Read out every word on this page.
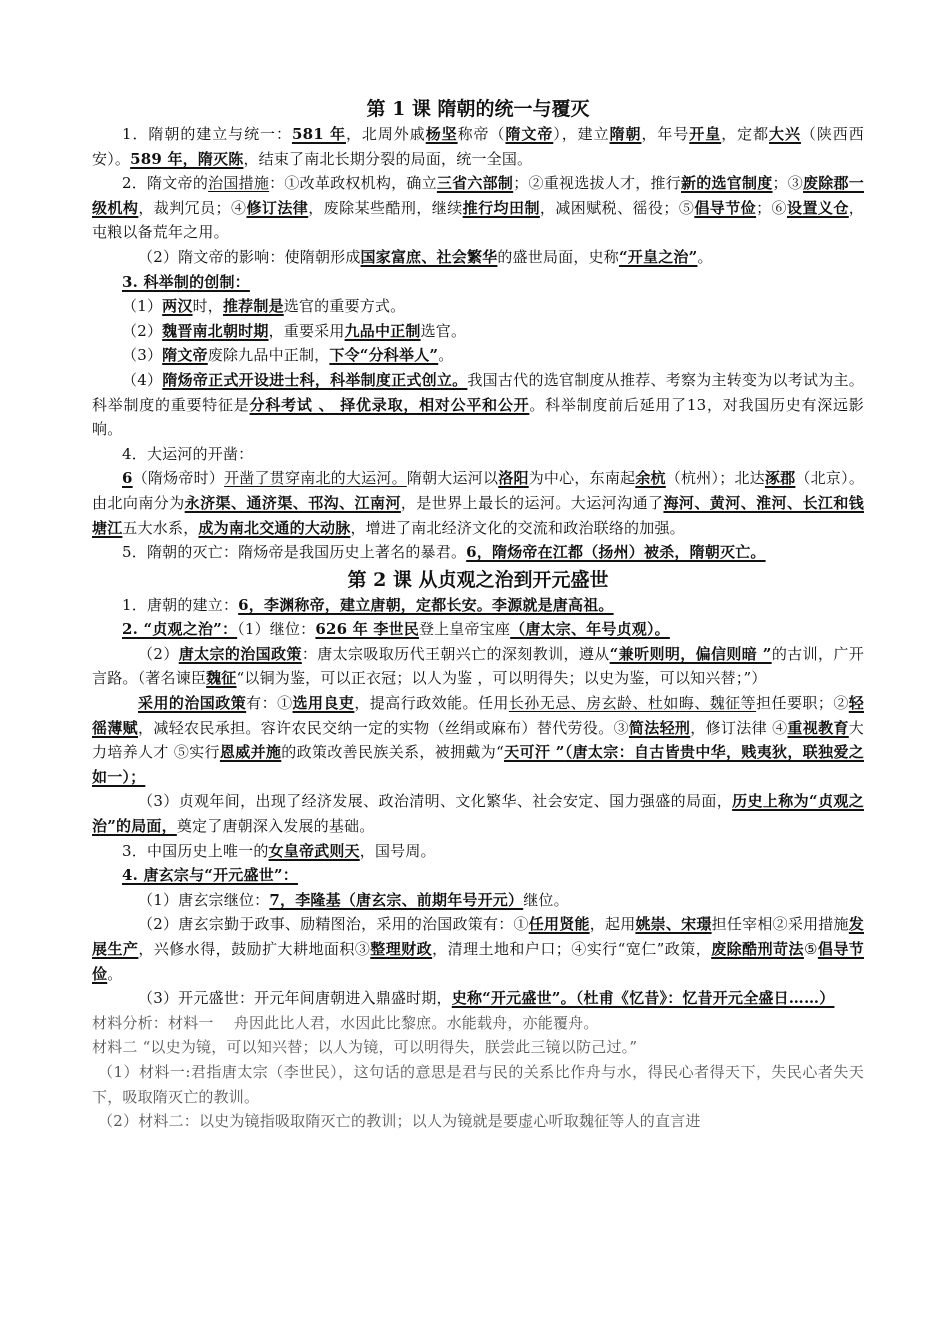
第 1 课 隋朝的统一与覆灭

1．隋朝的建立与统一：581 年，北周外戚杨坚称帝（隋文帝），建立隋朝，年号开皇，定都大兴（陕西西安）。589 年，隋灭陈，结束了南北长期分裂的局面，统一全国。

2．隋文帝的治国措施：①改革政权机构，确立三省六部制；②重视选拔人才，推行新的选官制度；③废除郡一级机构，裁判冗员；④修订法律，废除某些酷刑，继续推行均田制，减困赋税、徭役；⑤倡导节俭；⑥设置义仓，屯粮以备荒年之用。

（2）隋文帝的影响：使隋朝形成国家富庶、社会繁华的盛世局面，史称“开皇之治”。

3. 科举制的创制：

（1）两汉时，推荐制是选官的重要方式。

（2）魏晋南北朝时期，重要采用九品中正制选官。

（3）隋文帝废除九品中正制，下令“分科举人”。

（4）隋炀帝正式开设进士科，科举制度正式创立。我国古代的选官制度从推荐、考察为主转变为以考试为主。科举制度的重要特征是分科考试 、 择优录取，相对公平和公开。科举制度前后延用了13，对我国历史有深远影响。

4．大运河的开凿：

6（隋炀帝时）开凿了贯穿南北的大运河。隋朝大运河以洛阳为中心，东南起余杭（杭州）；北达涿郡（北京）。由北向南分为永济渠、通济渠、邗沟、江南河，是世界上最长的运河。大运河沟通了海河、黄河、淮河、长江和钱塘江五大水系，成为南北交通的大动脉，增进了南北经济文化的交流和政治联络的加强。

5．隋朝的灭亡：隋炀帝是我国历史上著名的暴君。6，隋炀帝在江都（扬州）被杀，隋朝灭亡。

第 2 课 从贞观之治到开元盛世

1．唐朝的建立：6，李渊称帝，建立唐朝，定都长安。李源就是唐高祖。

2. “贞观之治”：（1）继位：626 年 李世民登上皇帝宝座（唐太宗、年号贞观）。

（2）唐太宗的治国政策：唐太宗吸取历代王朝兴亡的深刻教训，遵从“兼听则明，偏信则暗 ”的古训，广开言路。（著名谏臣魏征“以铜为鉴，可以正衣冠；以人为鉴 ，可以明得失；以史为鉴，可以知兴替；”）

采用的治国政策有：①选用良吏，提高行政效能。任用长孙无忌、房玄龄、杜如晦、魏征等担任要职；②轻徭薄赋，减轻农民承担。容许农民交纳一定的实物（丝绢或麻布）替代劳役。③简法轻刑，修订法律 ④重视教育大力培养人才 ⑤实行恩威并施的政策改善民族关系，被拥戴为“天可汗 ”（唐太宗：自古皆贵中华，贱夷狄，联独爱之如一）；

（3）贞观年间，出现了经济发展、政治清明、文化繁华、社会安定、国力强盛的局面，历史上称为“贞观之治”的局面，奠定了唐朝深入发展的基础。

3．中国历史上唯一的女皇帝武则天，国号周。

4. 唐玄宗与“开元盛世”：

（1）唐玄宗继位：7，李隆基（唐玄宗、前期年号开元）继位。

（2）唐玄宗勤于政事、励精图治，采用的治国政策有：①任用贤能，起用姚崇、宋璟担任宰相②采用措施发展生产，兴修水得，鼓励扩大耕地面积③整理财政，清理土地和户口；④实行“宽仁”政策，废除酷刑苛法⑤倡导节俭。

（3）开元盛世：开元年间唐朝进入鼎盛时期，史称“开元盛世”。（杜甫《忆昔》：忆昔开元全盛日……）

材料分析：材料一　 舟因此比人君，水因此比黎庶。水能载舟，亦能覆舟。

材料二 “以史为镜，可以知兴替；以人为镜，可以明得失，朕尝此三镜以防己过。”

（1）材料一:君指唐太宗（李世民），这句话的意思是君与民的关系比作舟与水，得民心者得天下，失民心者失天下，吸取隋灭亡的教训。

（2）材料二：以史为镜指吸取隋灭亡的教训；以人为镜就是要虚心听取魏征等人的直言进
